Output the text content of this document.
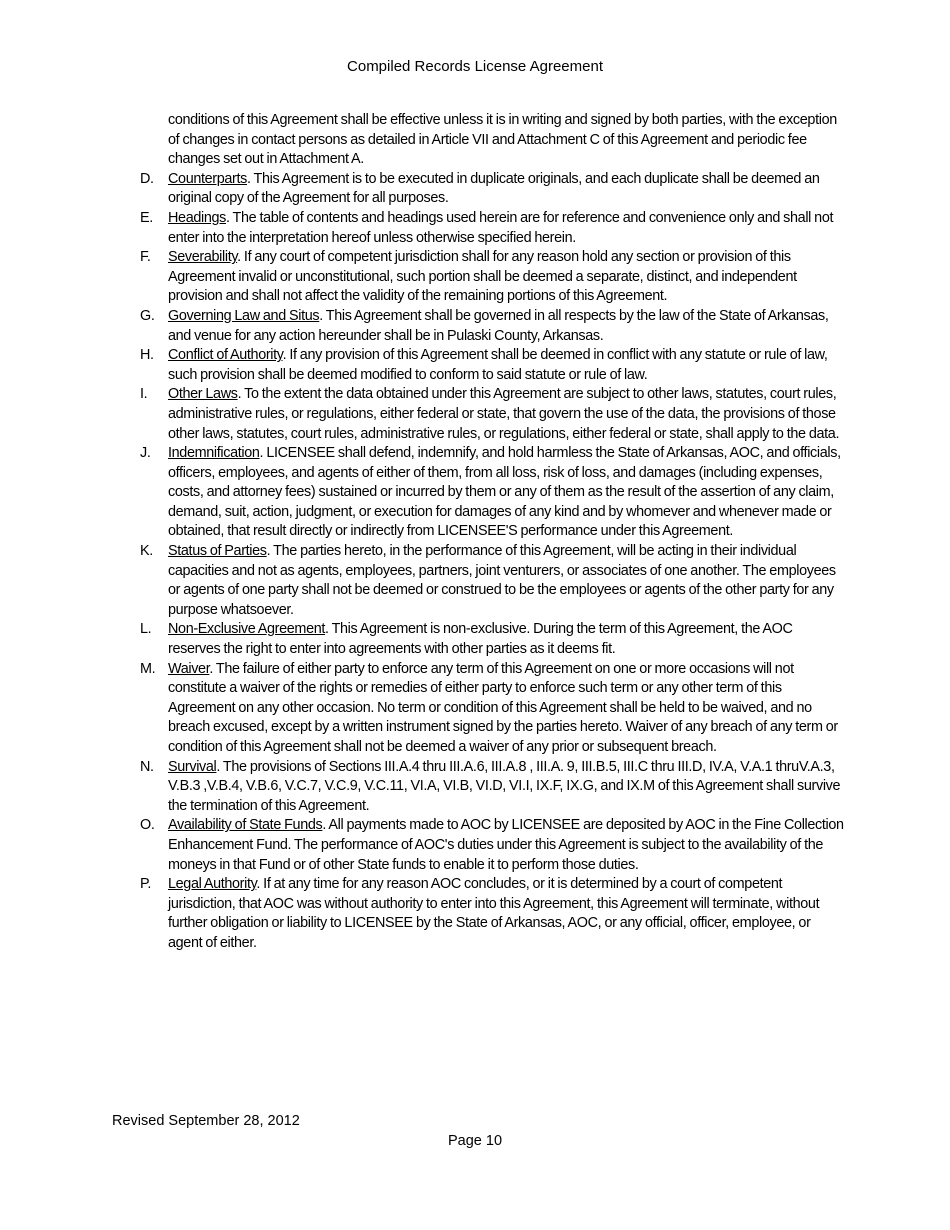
Compiled Records License Agreement

conditions of this Agreement shall be effective unless it is in writing and signed by both parties, with the exception of changes in contact persons as detailed in Article VII and Attachment C of this Agreement and periodic fee changes set out in Attachment A.

D. Counterparts. This Agreement is to be executed in duplicate originals, and each duplicate shall be deemed an original copy of the Agreement for all purposes.
E.	Headings. The table of contents and headings used herein are for reference and convenience only and shall not enter into the interpretation hereof unless otherwise specified herein.
F.	Severability. If any court of competent jurisdiction shall for any reason hold any section or provision of this Agreement invalid or unconstitutional, such portion shall be deemed a separate, distinct, and independent provision and shall not affect the validity of the remaining portions of this Agreement.
G. Governing Law and Situs. This Agreement shall be governed in all respects by the law of the State of Arkansas, and venue for any action hereunder shall be in Pulaski County, Arkansas.
H. Conflict of Authority. If any provision of this Agreement shall be deemed in conflict with any statute or rule of law, such provision shall be deemed modified to conform to said statute or rule of law.
I.	Other Laws. To the extent the data obtained under this Agreement are subject to other laws, statutes, court rules, administrative rules, or regulations, either federal or state, that govern the use of the data, the provisions of those other laws, statutes, court rules, administrative rules, or regulations, either federal or state, shall apply to the data.
J.	Indemnification. LICENSEE shall defend, indemnify, and hold harmless the State of Arkansas, AOC, and officials, officers, employees, and agents of either of them, from all loss, risk of loss, and damages (including expenses, costs, and attorney fees) sustained or incurred by them or any of them as the result of the assertion of any claim, demand, suit, action, judgment, or execution for damages of any kind and by whomever and whenever made or obtained, that result directly or indirectly from LICENSEE'S performance under this Agreement.
K.	Status of Parties. The parties hereto, in the performance of this Agreement, will be acting in their individual capacities and not as agents, employees, partners, joint venturers, or associates of one another. The employees or agents of one party shall not be deemed or construed to be the employees or agents of the other party for any purpose whatsoever.
L.	Non-Exclusive Agreement. This Agreement is non-exclusive. During the term of this Agreement, the AOC reserves the right to enter into agreements with other parties as it deems fit.
M. Waiver. The failure of either party to enforce any term of this Agreement on one or more occasions will not constitute a waiver of the rights or remedies of either party to enforce such term or any other term of this Agreement on any other occasion. No term or condition of this Agreement shall be held to be waived, and no breach excused, except by a written instrument signed by the parties hereto. Waiver of any breach of any term or condition of this Agreement shall not be deemed a waiver of any prior or subsequent breach.
N. Survival. The provisions of Sections III.A.4 thru III.A.6, III.A.8 , III.A. 9, III.B.5, III.C thru III.D, IV.A, V.A.1 thruV.A.3, V.B.3 ,V.B.4, V.B.6, V.C.7, V.C.9, V.C.11, VI.A, VI.B, VI.D, VI.I, IX.F, IX.G, and IX.M of this Agreement shall survive the termination of this Agreement.
O. Availability of State Funds. All payments made to AOC by LICENSEE are deposited by AOC in the Fine Collection Enhancement Fund. The performance of AOC's duties under this Agreement is subject to the availability of the moneys in that Fund or of other State funds to enable it to perform those duties.
P.	Legal Authority. If at any time for any reason AOC concludes, or it is determined by a court of competent jurisdiction, that AOC was without authority to enter into this Agreement, this Agreement will terminate, without further obligation or liability to LICENSEE by the State of Arkansas, AOC, or any official, officer, employee, or agent of either.
Revised September 28, 2012
Page 10
